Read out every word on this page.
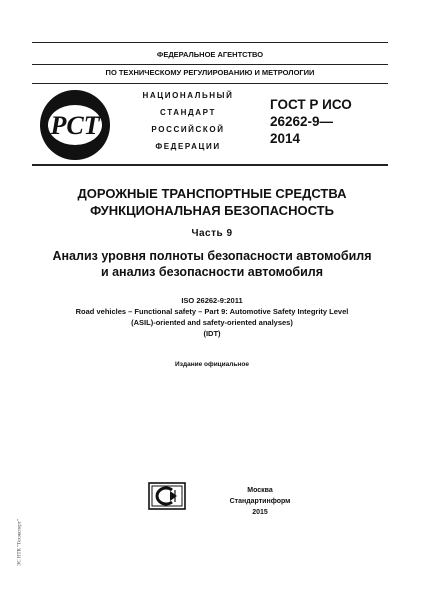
ФЕДЕРАЛЬНОЕ АГЕНТСТВО
ПО ТЕХНИЧЕСКОМУ РЕГУЛИРОВАНИЮ И МЕТРОЛОГИИ
PCT
НАЦИОНАЛЬНЫЙ
СТАНДАРТ
РОССИЙСКОЙ
ФЕДЕРАЦИИ
ГОСТ Р ИСО
26262-9—
2014
ДОРОЖНЫЕ ТРАНСПОРТНЫЕ СРЕДСТВА
ФУНКЦИОНАЛЬНАЯ БЕЗОПАСНОСТЬ
Часть 9
Анализ уровня полноты безопасности автомобиля
и анализ безопасности автомобиля
ISO 26262-9:2011
Road vehicles – Functional safety – Part 9: Automotive Safety Integrity Level
(ASIL)-oriented and safety-oriented analyses)
(IDT)
Издание официальное
Москва
Стандартинформ
2015
ЭС НТК "Техэксперт"
